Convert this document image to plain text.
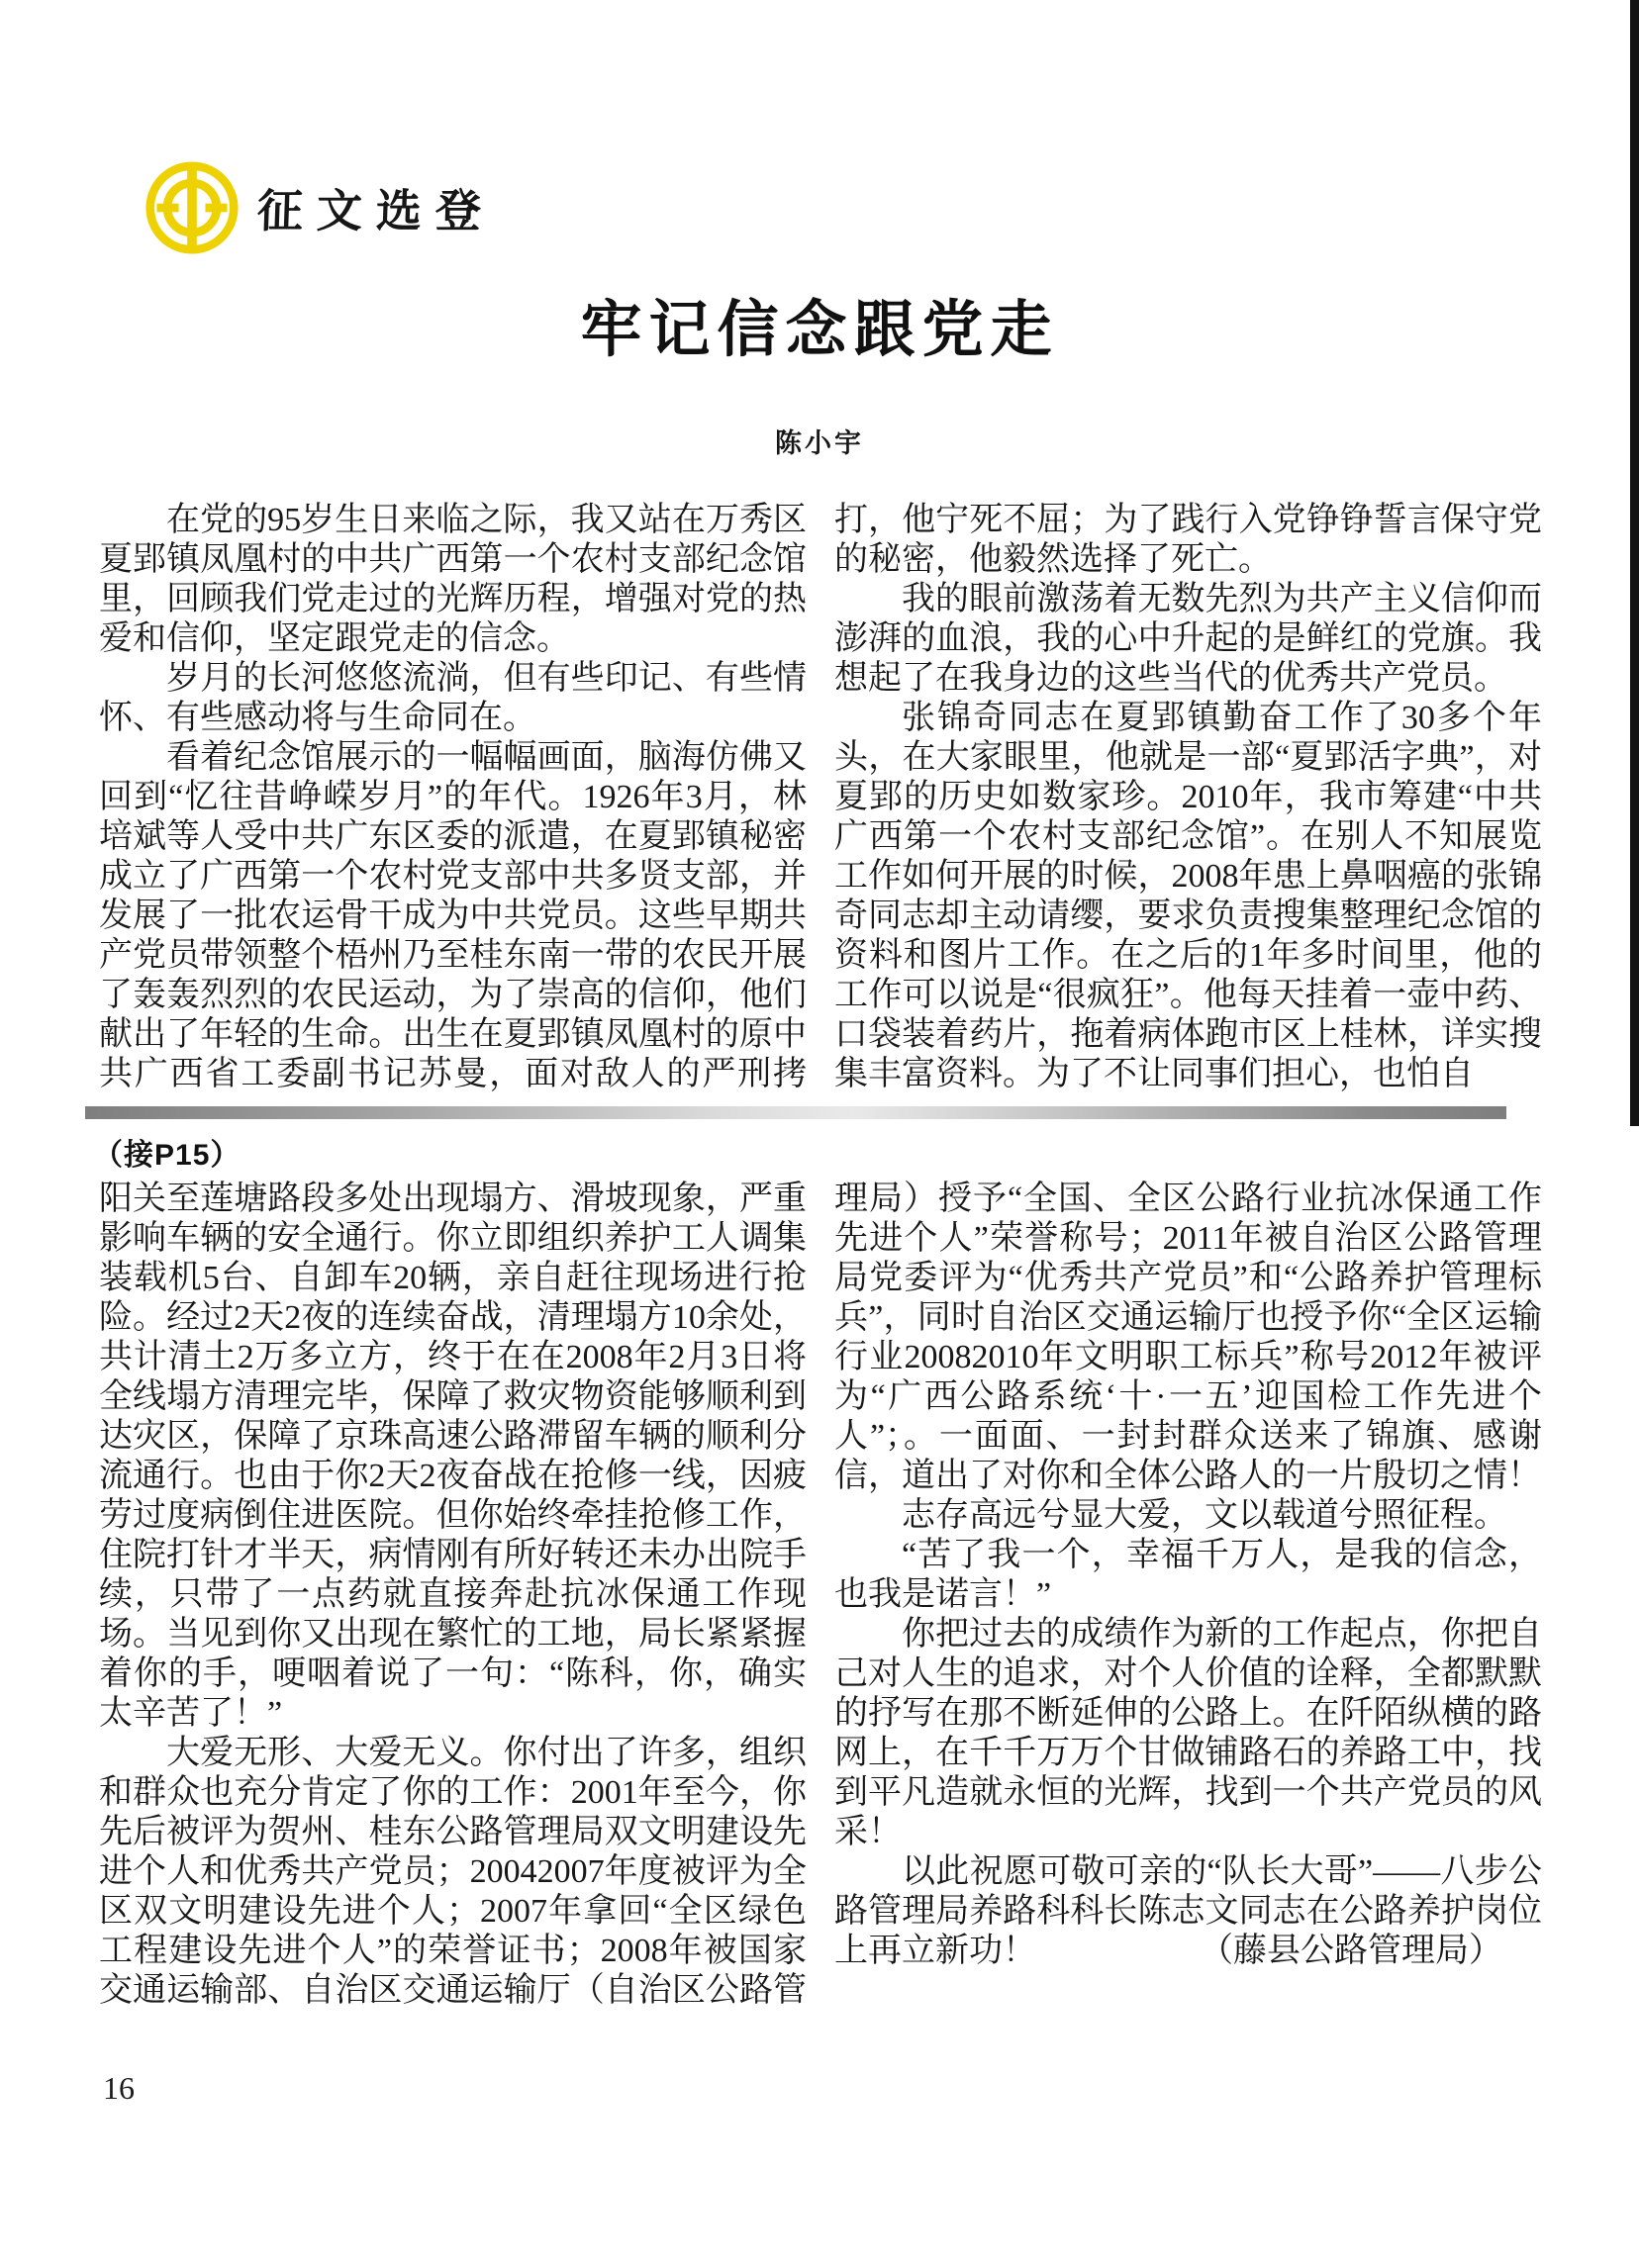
征文选登
牢记信念跟党走
陈小宇

在党的95岁生日来临之际，我又站在万秀区夏郢镇凤凰村的中共广西第一个农村支部纪念馆里，回顾我们党走过的光辉历程，增强对党的热爱和信仰，坚定跟党走的信念。

岁月的长河悠悠流淌，但有些印记、有些情怀、有些感动将与生命同在。

看着纪念馆展示的一幅幅画面，脑海仿佛又回到“忆往昔峥嵘岁月”的年代。1926年3月，林培斌等人受中共广东区委的派遣，在夏郢镇秘密成立了广西第一个农村党支部中共多贤支部，并发展了一批农运骨干成为中共党员。这些早期共产党员带领整个梧州乃至桂东南一带的农民开展了轰轰烈烈的农民运动，为了崇高的信仰，他们献出了年轻的生命。出生在夏郢镇凤凰村的原中共广西省工委副书记苏曼，面对敌人的严刑拷打，他宁死不屈；为了践行入党铮铮誓言保守党的秘密，他毅然选择了死亡。

我的眼前激荡着无数先烈为共产主义信仰而澎湃的血浪，我的心中升起的是鲜红的党旗。我想起了在我身边的这些当代的优秀共产党员。

张锦奇同志在夏郢镇勤奋工作了30多个年头，在大家眼里，他就是一部“夏郢活字典”，对夏郢的历史如数家珍。2010年，我市筹建“中共广西第一个农村支部纪念馆”。在别人不知展览工作如何开展的时候，2008年患上鼻咽癌的张锦奇同志却主动请缨，要求负责搜集整理纪念馆的资料和图片工作。在之后的1年多时间里，他的工作可以说是“很疯狂”。他每天挂着一壶中药、口袋装着药片，拖着病体跑市区上桂林，详实搜集丰富资料。为了不让同事们担心，也怕自

（接P15）

阳关至莲塘路段多处出现塌方、滑坡现象，严重影响车辆的安全通行。你立即组织养护工人调集装载机5台、自卸车20辆，亲自赶往现场进行抢险。经过2天2夜的连续奋战，清理塌方10余处，共计清土2万多立方，终于在在2008年2月3日将全线塌方清理完毕，保障了救灾物资能够顺利到达灾区，保障了京珠高速公路滞留车辆的顺利分流通行。也由于你2天2夜奋战在抢修一线，因疲劳过度病倒住进医院。但你始终牵挂抢修工作，住院打针才半天，病情刚有所好转还未办出院手续，只带了一点药就直接奔赴抗冰保通工作现场。当见到你又出现在繁忙的工地，局长紧紧握着你的手，哽咽着说了一句：“陈科，你，确实太辛苦了！”

大爱无形、大爱无义。你付出了许多，组织和群众也充分肯定了你的工作：2001年至今，你先后被评为贺州、桂东公路管理局双文明建设先进个人和优秀共产党员；20042007年度被评为全区双文明建设先进个人；2007年拿回“全区绿色工程建设先进个人”的荣誉证书；2008年被国家交通运输部、自治区交通运输厅（自治区公路管理局）授予“全国、全区公路行业抗冰保通工作先进个人”荣誉称号；2011年被自治区公路管理局党委评为“优秀共产党员”和“公路养护管理标兵”，同时自治区交通运输厅也授予你“全区运输行业20082010年文明职工标兵”称号2012年被评为“广西公路系统‘十·一五’迎国检工作先进个人”；。一面面、一封封群众送来了锦旗、感谢信，道出了对你和全体公路人的一片殷切之情！

志存高远兮显大爱，文以载道兮照征程。

“苦了我一个，幸福千万人，是我的信念，也我是诺言！”

你把过去的成绩作为新的工作起点，你把自己对人生的追求，对个人价值的诠释，全都默默的抒写在那不断延伸的公路上。在阡陌纵横的路网上，在千千万万个甘做铺路石的养路工中，找到平凡造就永恒的光辉，找到一个共产党员的风采！

以此祝愿可敬可亲的“队长大哥”——八步公路管理局养路科科长陈志文同志在公路养护岗位上再立新功！	（藤县公路管理局）

16
